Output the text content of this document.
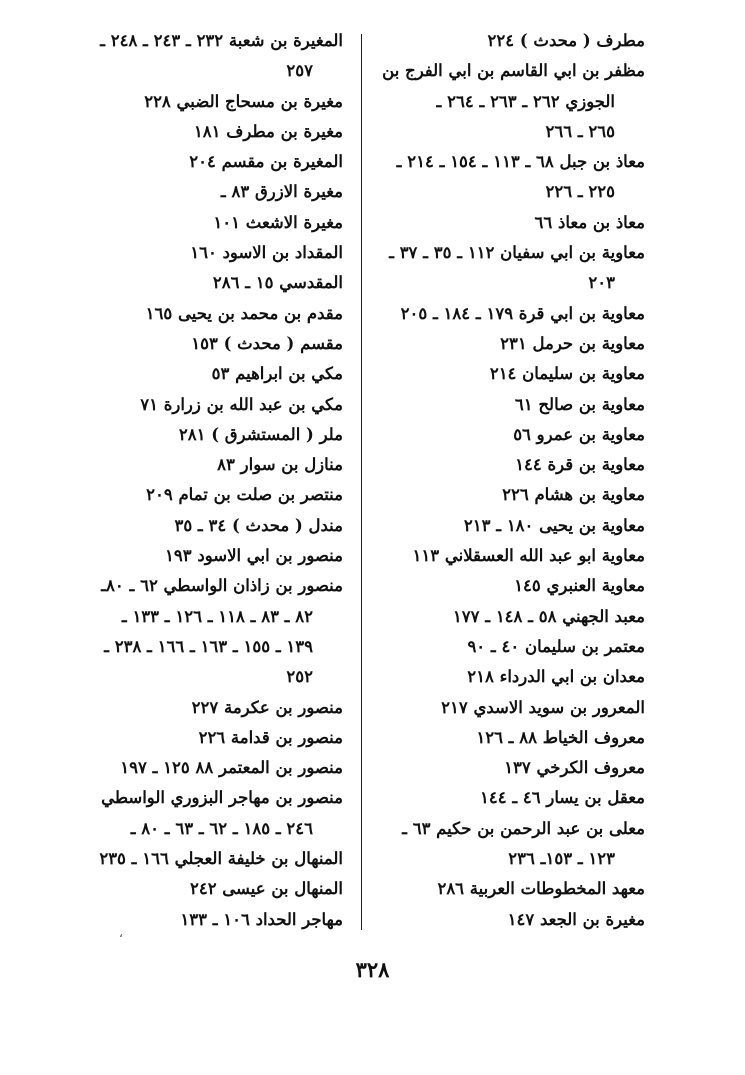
مطرف ( محدث ) ٢٢٤
مظفر بن ابي القاسم بن ابي الفرج بن
الجوزي ٢٦٢ ـ ٢٦٣ ـ ٢٦٤ ـ
٢٦٥ ـ ٢٦٦
معاذ بن جبل ٦٨ ـ ١١٣ ـ ١٥٤ ـ ٢١٤ ـ
٢٢٥ ـ ٢٢٦
معاذ بن معاذ ٦٦
معاوية بن ابي سفيان ١١٢ ـ ٣٥ ـ ٣٧ ـ
٢٠٣
معاوية بن ابي قرة ١٧٩ ـ ١٨٤ ـ ٢٠٥
معاوية بن حرمل ٢٣١
معاوية بن سليمان ٢١٤
معاوية بن صالح ٦١
معاوية بن عمرو ٥٦
معاوية بن قرة ١٤٤
معاوية بن هشام ٢٢٦
معاوية بن يحيى ١٨٠ ـ ٢١٣
معاوية ابو عبد الله العسقلاني ١١٣
معاوية العنبري ١٤٥
معبد الجهني ٥٨ ـ ١٤٨ ـ ١٧٧
معتمر بن سليمان ٤٠ ـ ٩٠
معدان بن ابي الدرداء ٢١٨
المعرور بن سويد الاسدي ٢١٧
معروف الخياط ٨٨ ـ ١٢٦
معروف الكرخي ١٣٧
معقل بن يسار ٤٦ ـ ١٤٤
معلى بن عبد الرحمن بن حكيم ٦٣ ـ
١٢٣ ـ ١٥٣ـ ٢٣٦
معهد المخطوطات العربية ٢٨٦
مغيرة بن الجعد ١٤٧
المغيرة بن شعبة ٢٣٢ ـ ٢٤٣ ـ ٢٤٨ ـ
٢٥٧
مغيرة بن مسحاج الضبي ٢٢٨
مغيرة بن مطرف ١٨١
المغيرة بن مقسم ٢٠٤
مغيرة الازرق ٨٣ ـ
مغيرة الاشعث ١٠١
المقداد بن الاسود ١٦٠
المقدسي ١٥ ـ ٢٨٦
مقدم بن محمد بن يحيى ١٦٥
مقسم ( محدث ) ١٥٣
مكي بن ابراهيم ٥٣
مكي بن عبد الله بن زرارة ٧١
ملر ( المستشرق ) ٢٨١
منازل بن سوار ٨٣
منتصر بن صلت بن تمام ٢٠٩
مندل ( محدث ) ٣٤ ـ ٣٥
منصور بن ابي الاسود ١٩٣
منصور بن زاذان الواسطي ٦٢ ـ ٨٠ـ
٨٢ ـ ٨٣ ـ ١١٨ ـ ١٢٦ ـ ١٣٣ ـ
١٣٩ ـ ١٥٥ ـ ١٦٣ ـ ١٦٦ ـ ٢٣٨ ـ
٢٥٢
منصور بن عكرمة ٢٢٧
منصور بن قدامة ٢٢٦
منصور بن المعتمر ٨٨ ١٢٥ ـ ١٩٧
منصور بن مهاجر البزوري الواسطي
٢٤٦ ـ ١٨٥ ـ ٦٢ ـ ٦٣ ـ ٨٠ ـ
المنهال بن خليفة العجلي ١٦٦ ـ ٢٣٥
المنهال بن عيسى ٢٤٢
مهاجر الحداد ١٠٦ ـ ١٣٣
،
٣٢٨
